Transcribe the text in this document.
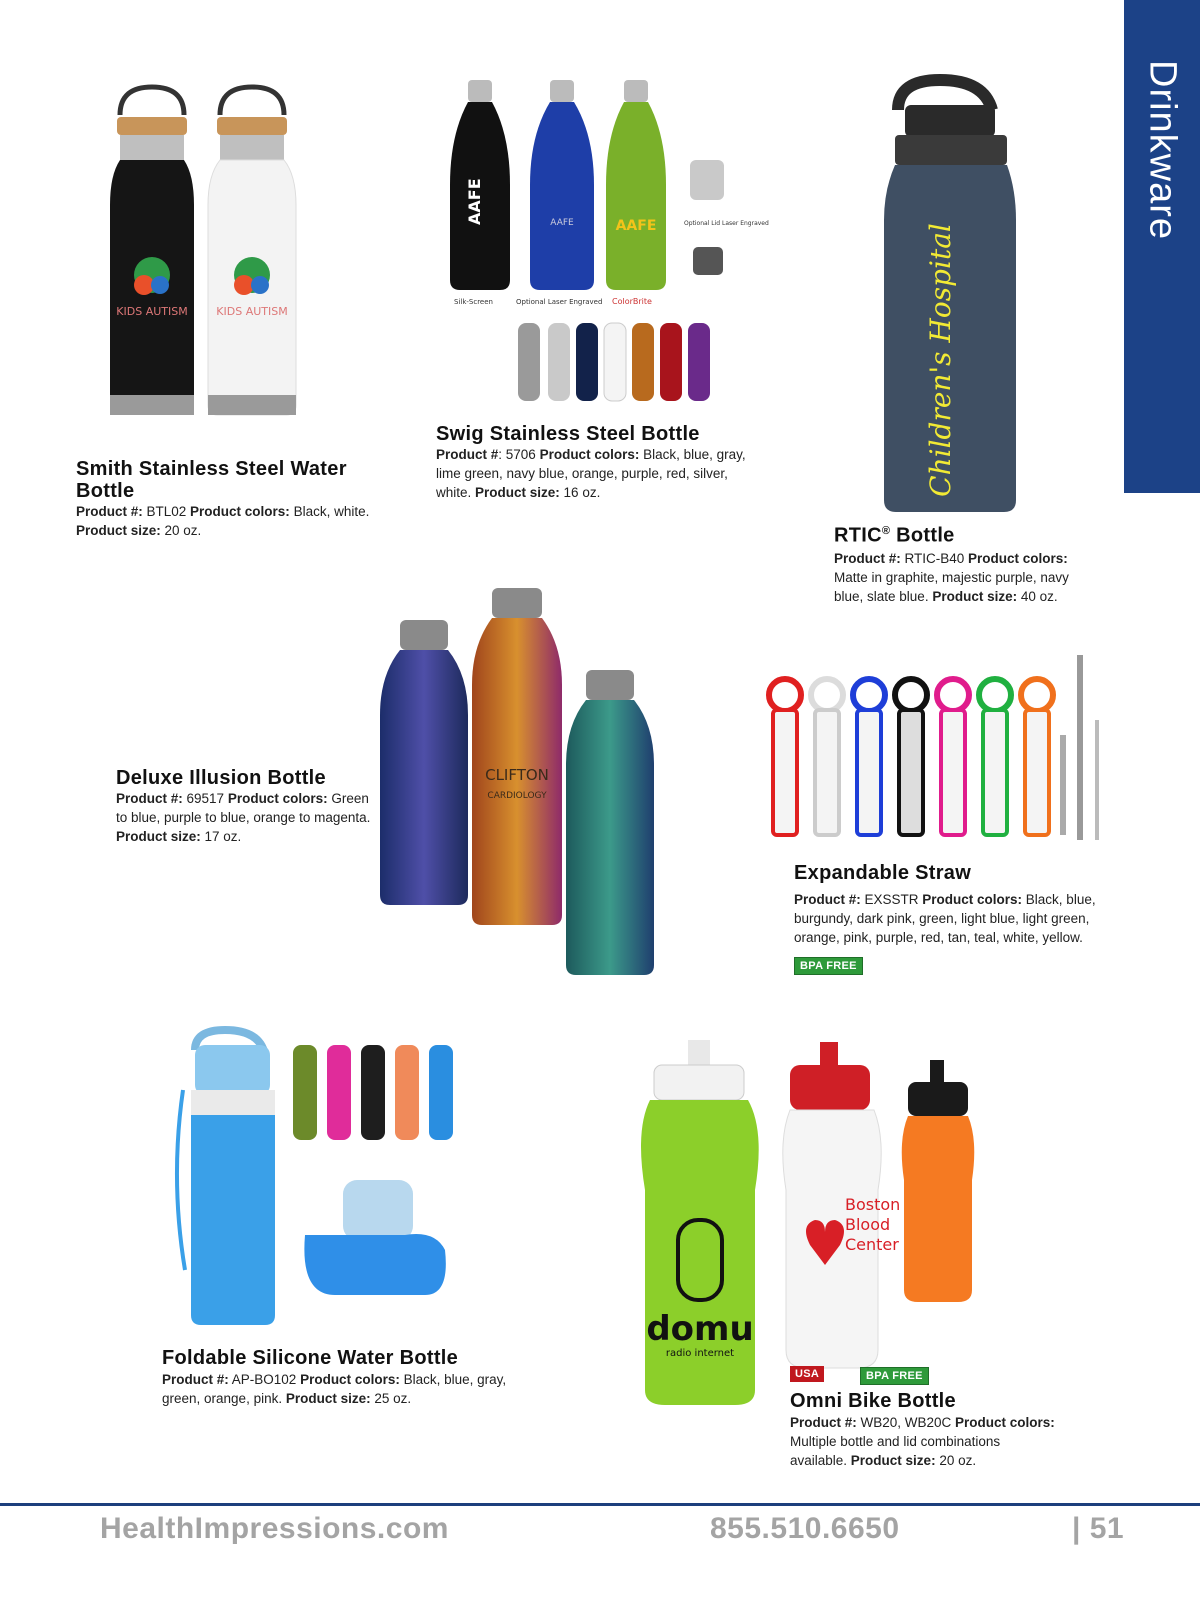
Drinkware
KIDS AUTISM	KIDS AUTISM
Smith Stainless Steel Water
Bottle
Product #: BTL02 Product colors: Black, white.
Product size: 20 oz.
AAFE	AAFE	AAFE
Silk-Screen	Optional Laser Engraved ColorBrite
Optional Lid Laser Engraved
Swig Stainless Steel Bottle
Product #: 5706 Product colors: Black, blue, gray, lime green, navy blue, orange, purple, red, silver, white. Product size: 16 oz.	Children's Hospital
RTIC® Bottle
Product #: RTIC-B40 Product colors: Matte in graphite, majestic purple, navy blue, slate blue. Product size: 40 oz.
CLIFTON
CARDIOLOGY
Deluxe Illusion Bottle
Product #: 69517 Product colors: Green to blue, purple to blue, orange to magenta. Product size: 17 oz.
Expandable Straw
Product #: EXSSTR Product colors: Black, blue, burgundy, dark pink, green, light blue, light green, orange, pink, purple, red, tan, teal, white, yellow.
BPA FREE
Foldable Silicone Water Bottle
Product #: AP-BO102 Product colors: Black, blue, gray, green, orange, pink. Product size: 25 oz.
domu
radio internet
Boston
Blood
Center
USA	BPA FREE
Omni Bike Bottle
Product #: WB20, WB20C Product colors: Multiple bottle and lid combinations available. Product size: 20 oz.
HealthImpressions.com	855.510.6650	| 51
